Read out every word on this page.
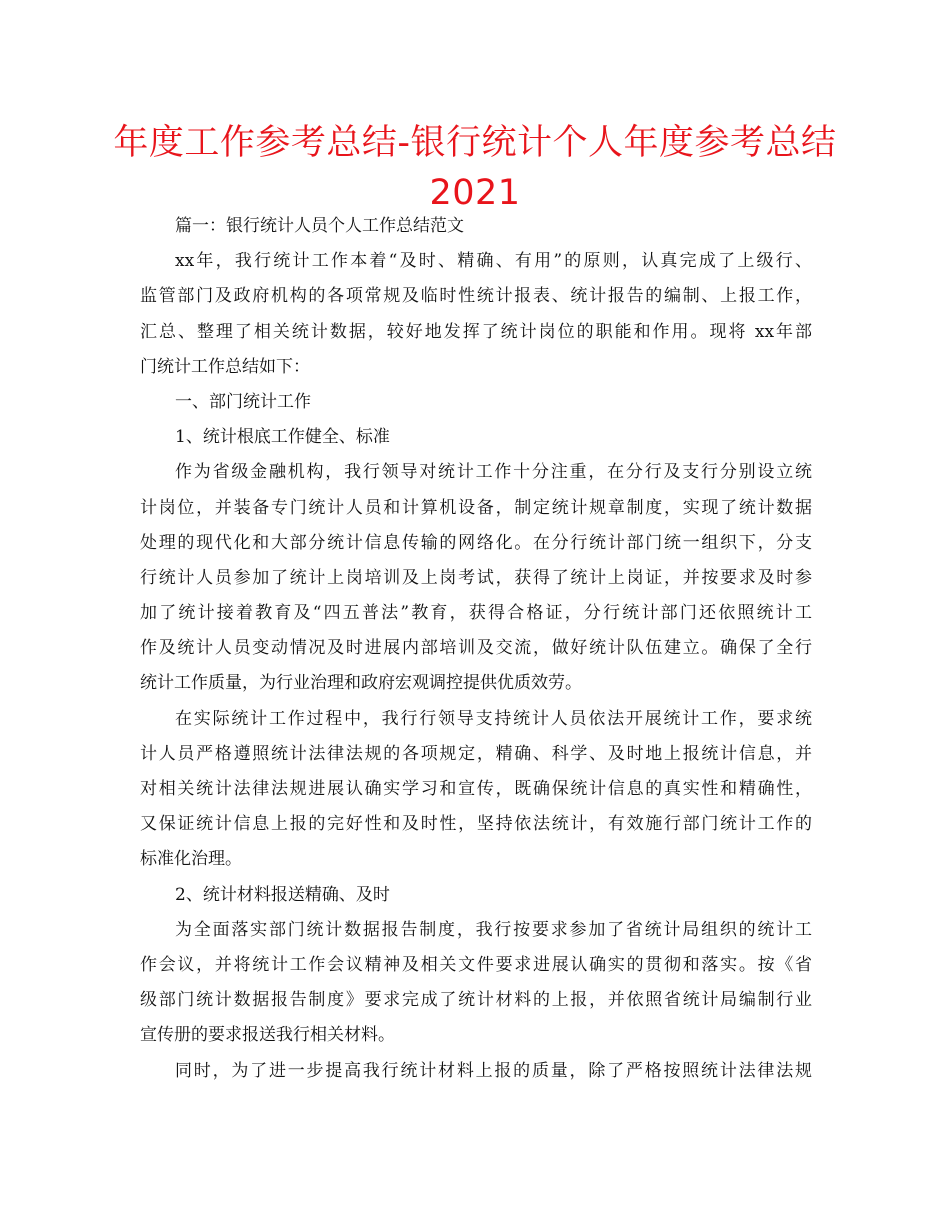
年度工作参考总结-银行统计个人年度参考总结
2021
篇一：银行统计人员个人工作总结范文
xx年，我行统计工作本着“及时、精确、有用”的原则，认真完成了上级行、
监管部门及政府机构的各项常规及临时性统计报表、统计报告的编制、上报工作，
汇总、整理了相关统计数据，较好地发挥了统计岗位的职能和作用。现将 xx年部
门统计工作总结如下：
一、部门统计工作
1、统计根底工作健全、标准
作为省级金融机构，我行领导对统计工作十分注重，在分行及支行分别设立统
计岗位，并装备专门统计人员和计算机设备，制定统计规章制度，实现了统计数据
处理的现代化和大部分统计信息传输的网络化。在分行统计部门统一组织下，分支
行统计人员参加了统计上岗培训及上岗考试，获得了统计上岗证，并按要求及时参
加了统计接着教育及“四五普法”教育，获得合格证，分行统计部门还依照统计工
作及统计人员变动情况及时进展内部培训及交流，做好统计队伍建立。确保了全行
统计工作质量，为行业治理和政府宏观调控提供优质效劳。
在实际统计工作过程中，我行行领导支持统计人员依法开展统计工作，要求统
计人员严格遵照统计法律法规的各项规定，精确、科学、及时地上报统计信息，并
对相关统计法律法规进展认确实学习和宣传，既确保统计信息的真实性和精确性，
又保证统计信息上报的完好性和及时性，坚持依法统计，有效施行部门统计工作的
标准化治理。
2、统计材料报送精确、及时
为全面落实部门统计数据报告制度，我行按要求参加了省统计局组织的统计工
作会议，并将统计工作会议精神及相关文件要求进展认确实的贯彻和落实。按《省
级部门统计数据报告制度》要求完成了统计材料的上报，并依照省统计局编制行业
宣传册的要求报送我行相关材料。
同时，为了进一步提高我行统计材料上报的质量，除了严格按照统计法律法规
